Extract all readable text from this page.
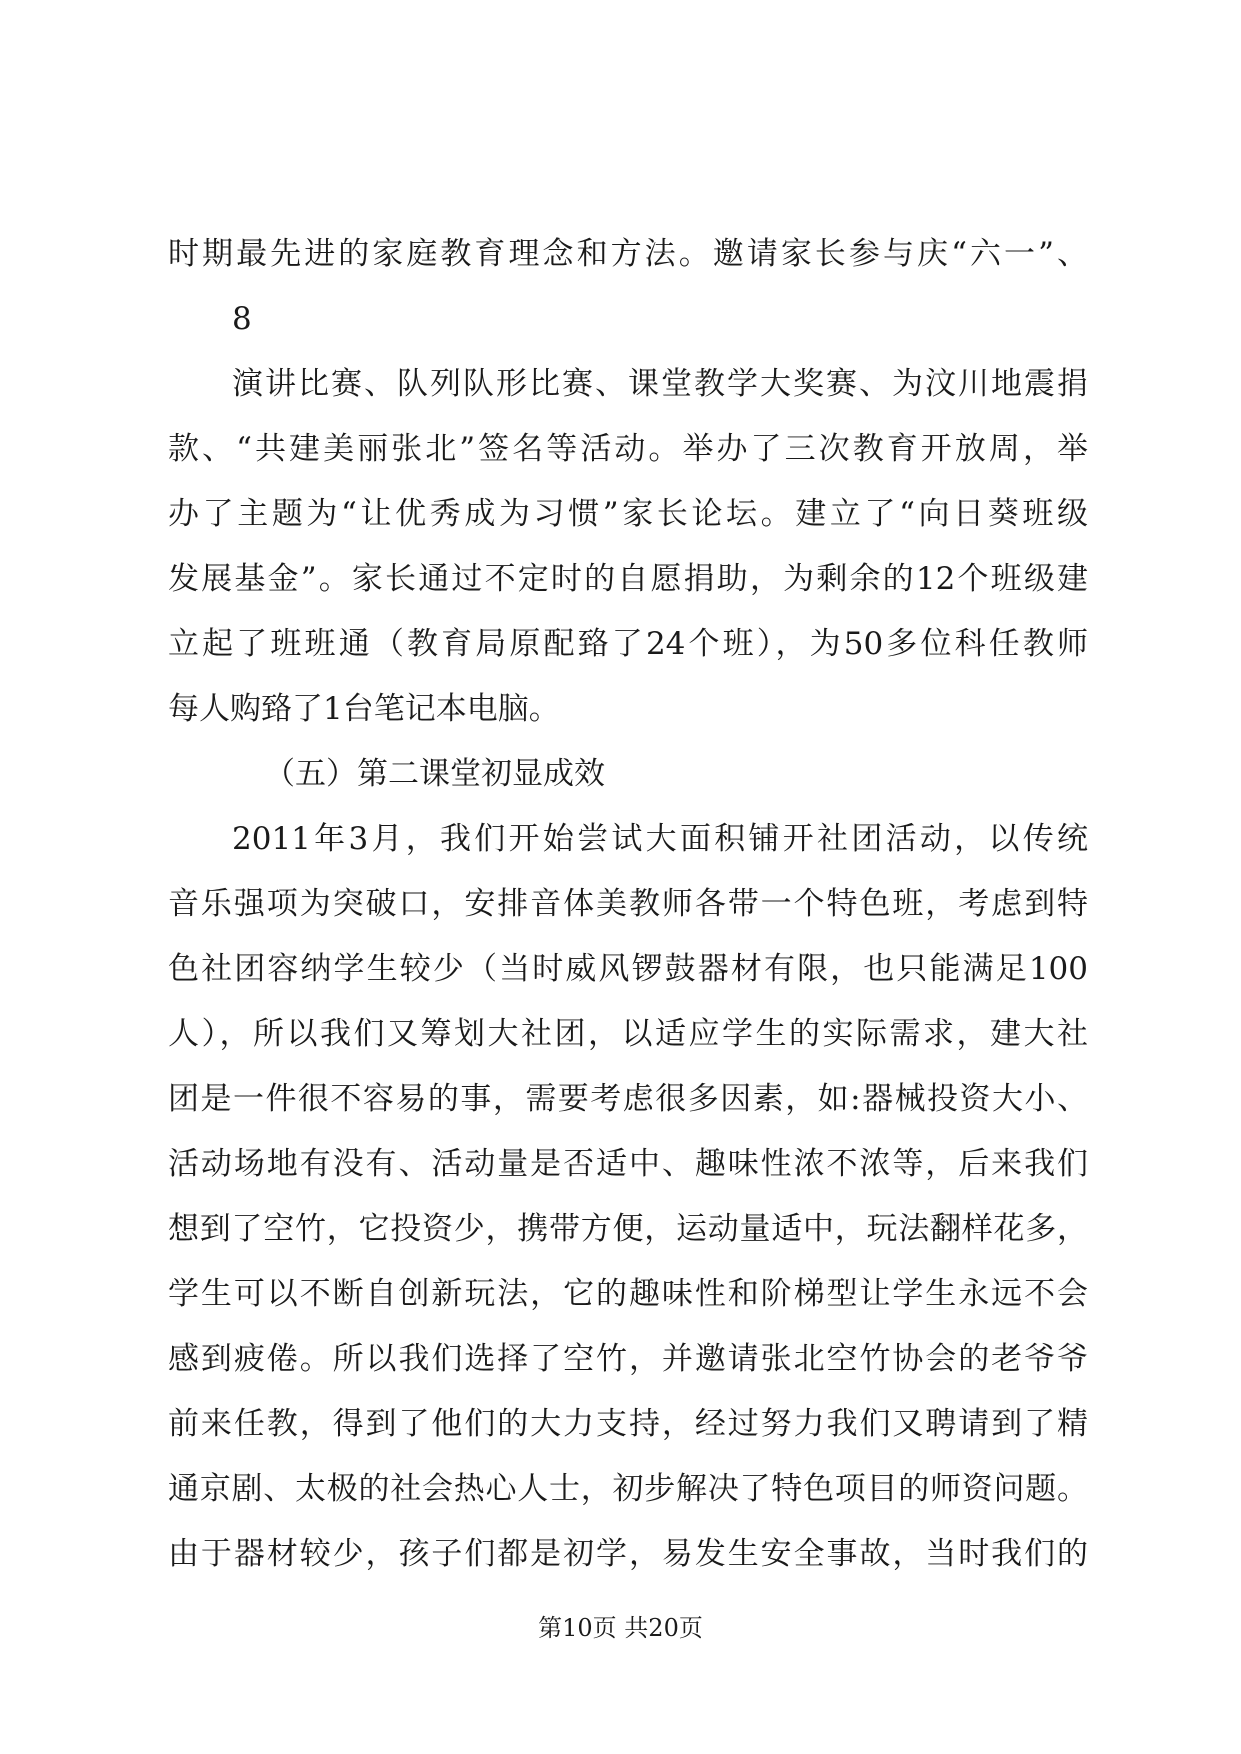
时期最先进的家庭教育理念和方法。邀请家长参与庆“六一”、
8
演讲比赛、队列队形比赛、课堂教学大奖赛、为汶川地震捐
款、“共建美丽张北”签名等活动。举办了三次教育开放周，举
办了主题为“让优秀成为习惯”家长论坛。建立了“向日葵班级
发展基金”。家长通过不定时的自愿捐助，为剩余的12个班级建
立起了班班通（教育局原配臵了24个班），为50多位科任教师
每人购臵了1台笔记本电脑。
（五）第二课堂初显成效
2011年3月，我们开始尝试大面积铺开社团活动，以传统
音乐强项为突破口，安排音体美教师各带一个特色班，考虑到特
色社团容纳学生较少（当时威风锣鼓器材有限，也只能满足100
人），所以我们又筹划大社团，以适应学生的实际需求，建大社
团是一件很不容易的事，需要考虑很多因素，如:器械投资大小、
活动场地有没有、活动量是否适中、趣味性浓不浓等，后来我们
想到了空竹，它投资少，携带方便，运动量适中，玩法翻样花多，
学生可以不断自创新玩法，它的趣味性和阶梯型让学生永远不会
感到疲倦。所以我们选择了空竹，并邀请张北空竹协会的老爷爷
前来任教，得到了他们的大力支持，经过努力我们又聘请到了精
通京剧、太极的社会热心人士，初步解决了特色项目的师资问题。
由于器材较少，孩子们都是初学，易发生安全事故，当时我们的
第10页 共20页
